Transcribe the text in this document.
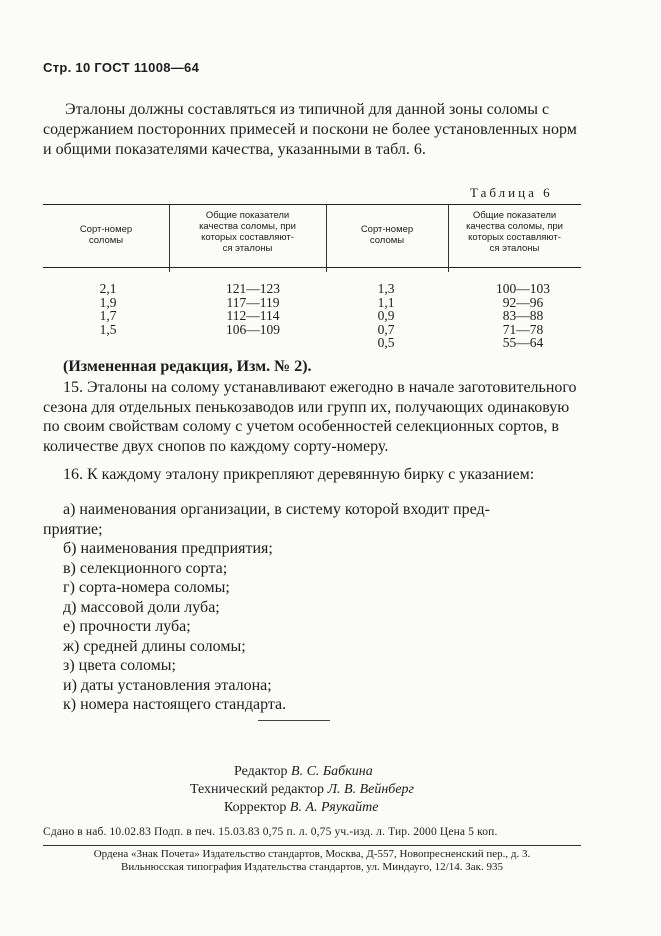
Стр. 10 ГОСТ 11008—64
Эталоны должны составляться из типичной для данной зоны соломы с содержанием посторонних примесей и поскони не более установленных норм и общими показателями качества, указанными в табл. 6.
Таблица 6
Сорт-номер
соломы
Общие показатели
качества соломы, при
которых составляют-
ся эталоны
Сорт-номер
соломы
Общие показатели
качества соломы, при
которых составляют-
ся эталоны
2,1
1,9
1,7
1,5
121—123
117—119
112—114
106—109
1,3
1,1
0,9
0,7
0,5
100—103
92—96
83—88
71—78
55—64
(Измененная редакция, Изм. № 2).
15. Эталоны на солому устанавливают ежегодно в начале заготовительного сезона для отдельных пенькозаводов или групп их, получающих одинаковую по своим свойствам солому с учетом особенностей селекционных сортов, в количестве двух снопов по каждому сорту-номеру.
16. К каждому эталону прикрепляют деревянную бирку с указанием:
а) наименования организации, в систему которой входит пред-
приятие;
б) наименования предприятия;
в) селекционного сорта;
г) сорта-номера соломы;
д) массовой доли луба;
е) прочности луба;
ж) средней длины соломы;
з) цвета соломы;
и) даты установления эталона;
к) номера настоящего стандарта.
Редактор В. С. Бабкина
Технический редактор Л. В. Вейнберг
Корректор В. А. Ряукайте
Сдано в наб. 10.02.83 Подп. в печ. 15.03.83 0,75 п. л. 0,75 уч.-изд. л. Тир. 2000 Цена 5 коп.
Ордена «Знак Почета» Издательство стандартов, Москва, Д-557, Новопресненский пер., д. 3.
Вильнюсская типография Издательства стандартов, ул. Миндауго, 12/14. Зак. 935
